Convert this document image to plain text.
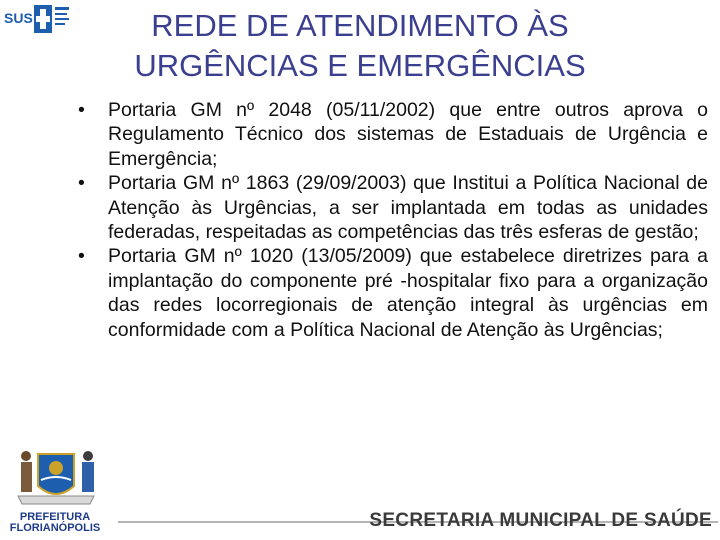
SUS	REDE DE ATENDIMENTO ÀS
URGÊNCIAS E EMERGÊNCIAS
• Portaria GM nº 2048 (05/11/2002) que entre outros aprova o Regulamento Técnico dos sistemas de Estaduais de Urgência e Emergência;
• Portaria GM nº 1863 (29/09/2003) que Institui a Política Nacional de Atenção às Urgências, a ser implantada em todas as unidades federadas, respeitadas as competências das três esferas de gestão;
• Portaria GM nº 1020 (13/05/2009) que estabelece diretrizes para a implantação do componente pré -hospitalar fixo para a organização das redes locorregionais de atenção integral às urgências em conformidade com a Política Nacional de Atenção às Urgências;
PREFEITURA
FLORIANÓPOLIS	SECRETARIA MUNICIPAL DE SAÚDE
